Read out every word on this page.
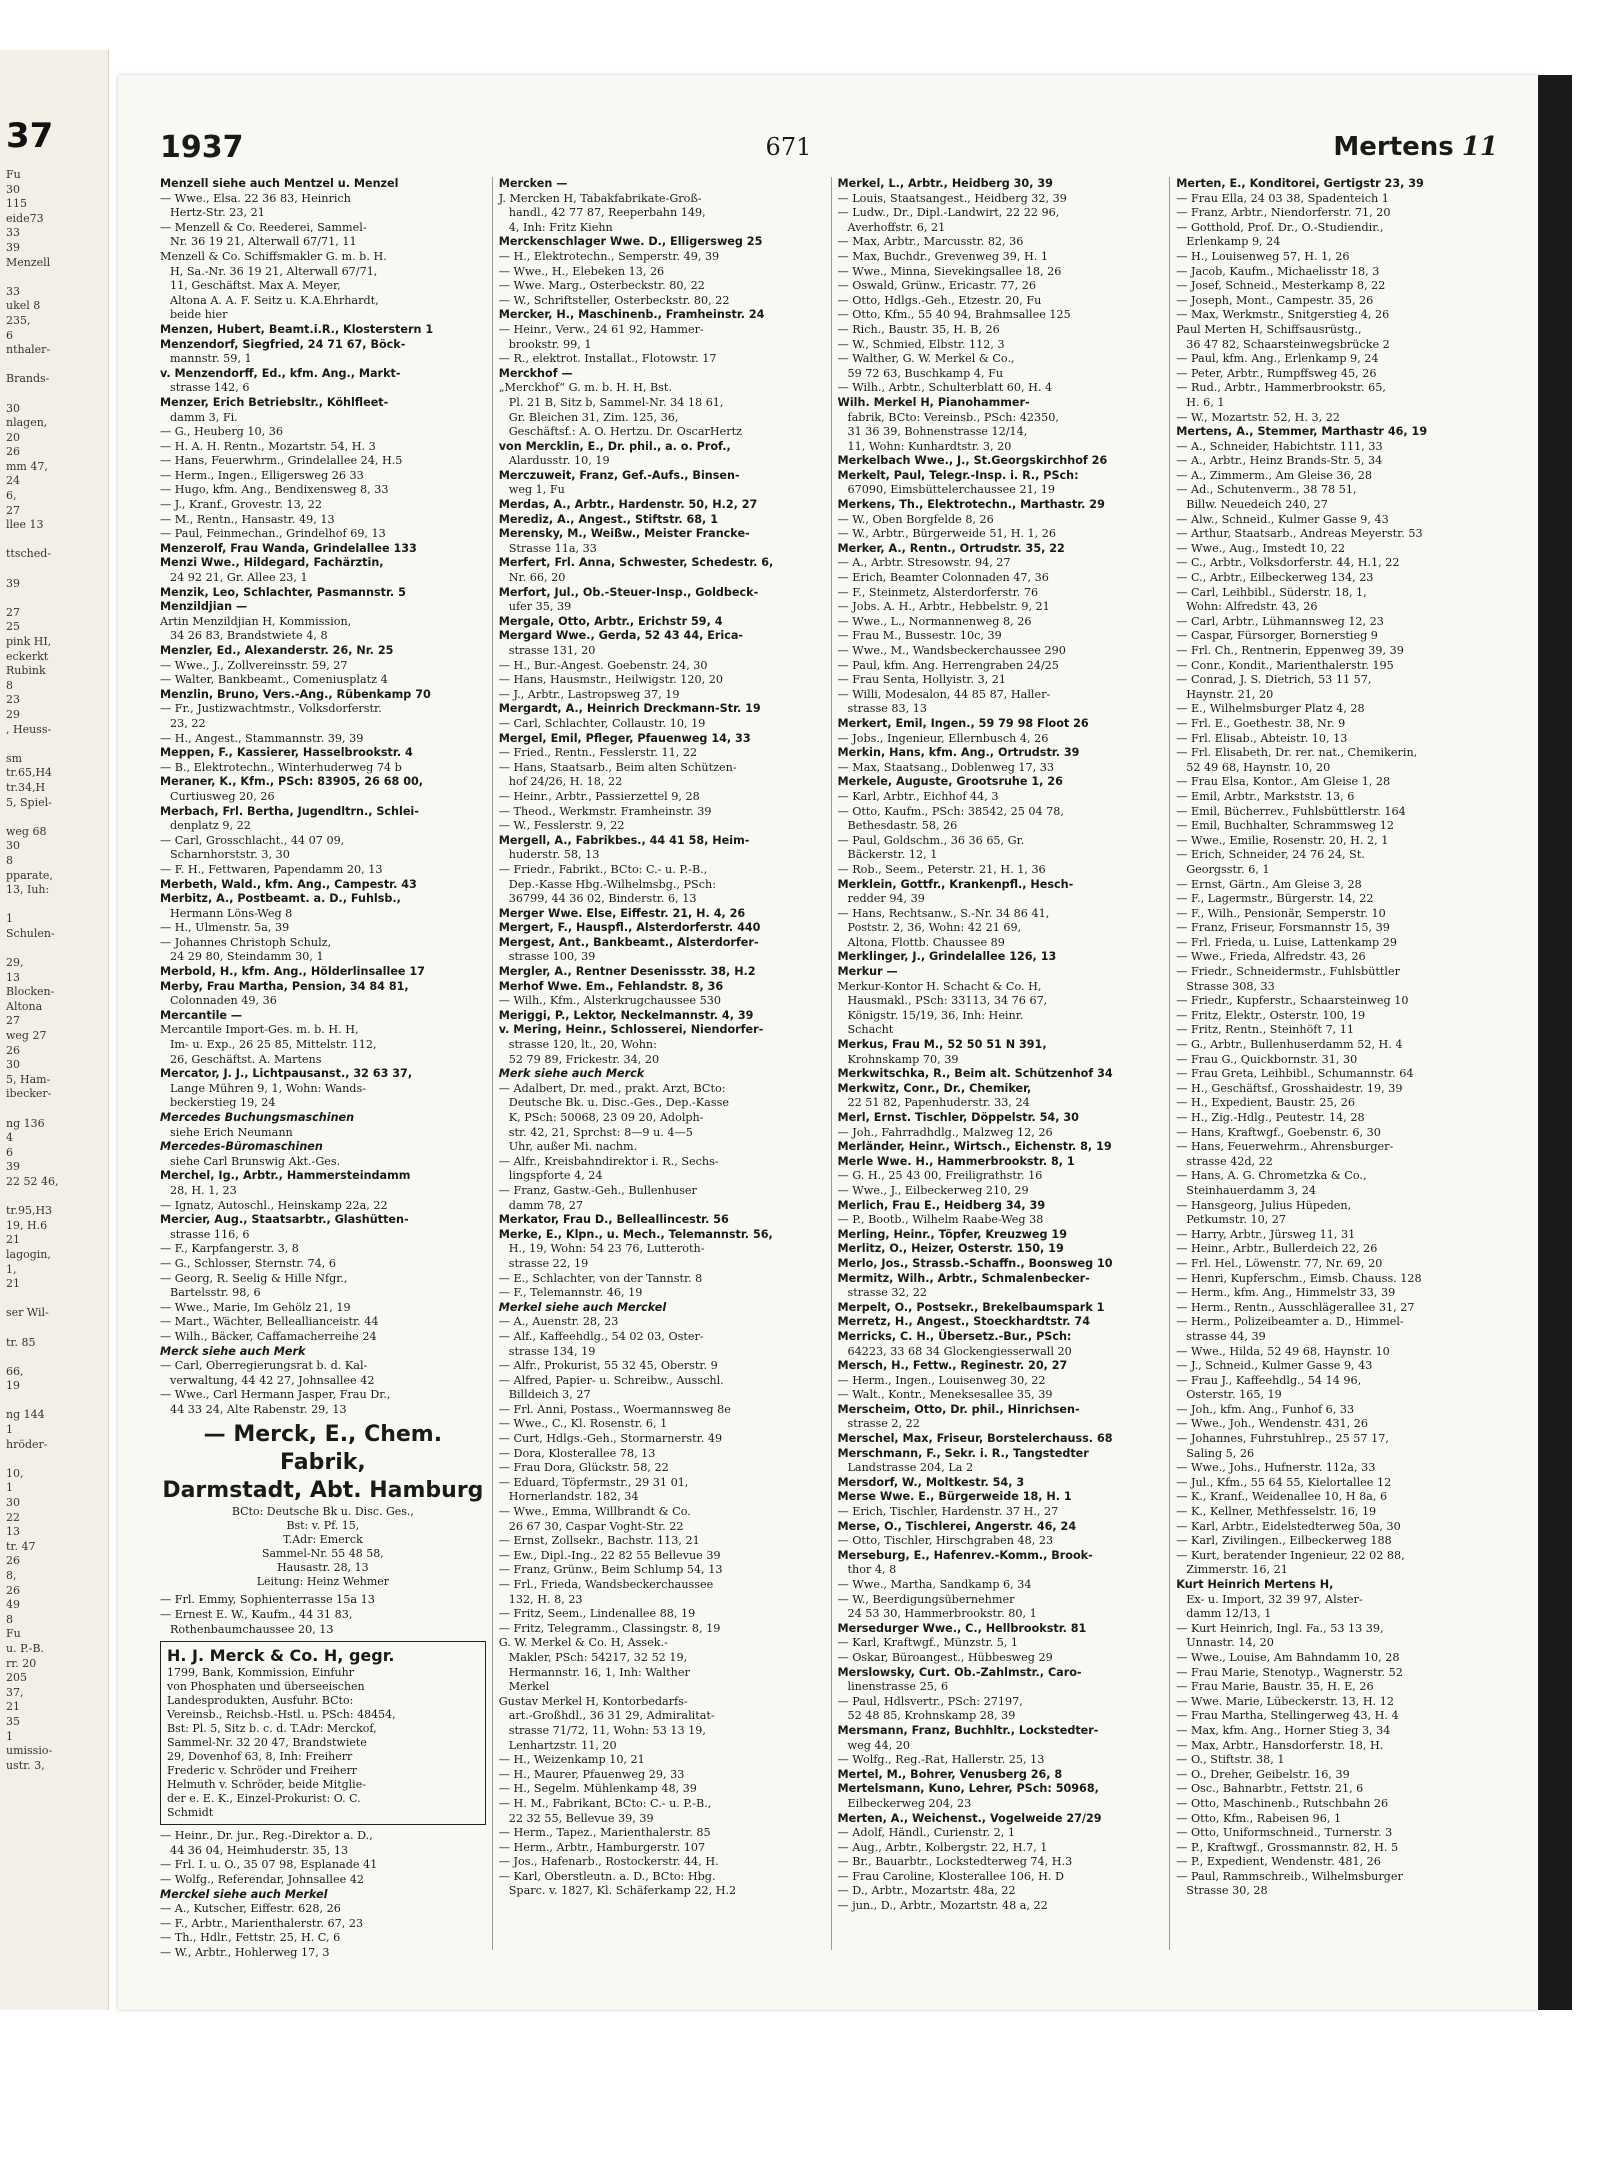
37
Fu
30
115
eide73
33
39
Menzell

33
ukel 8
235,
6
nthaler-

Brands-

30
nlagen,
20
26
mm 47,
24
6,
27
llee 13

ttsched-

39

27
25
pink HI,
eckerkt
Rubink
8
23
29
, Heuss-

sm
tr.65,H4
tr.34,H
5, Spiel-

weg 68
30
8
pparate,
13, Iuh:

1
Schulen-

29,
13
Blocken-
Altona
27
weg 27
26
30
5, Ham-
ibecker-

ng 136
4
6
39
22 52 46,

tr.95,H3
19, H.6
21
lagogin,
1,
21

ser Wil-

tr. 85

66,
19

ng 144
1
hröder-

10,
1
30
22
13
tr. 47
26
8,
26
49
8
Fu
u. P.-B.
rr. 20
205
37,
21
35
1
umissio-
ustr. 3,
1937	671	Mertens 11
Menzell siehe auch Mentzel u. Menzel
— Wwe., Elsa. 22 36 83, Heinrich
Hertz-Str. 23, 21
— Menzell & Co. Reederei, Sammel-
Nr. 36 19 21, Alterwall 67/71, 11
Menzell & Co. Schiffsmakler G. m. b. H.
H, Sa.-Nr. 36 19 21, Alterwall 67/71,
11, Geschäftst. Max A. Meyer,
Altona A. A. F. Seitz u. K.A.Ehrhardt,
beide hier
Menzen, Hubert, Beamt.i.R., Klosterstern 1
Menzendorf, Siegfried, 24 71 67, Böck-
mannstr. 59, 1
v. Menzendorff, Ed., kfm. Ang., Markt-
strasse 142, 6
Menzer, Erich Betriebsltr., Köhlfleet-
damm 3, Fi.
— G., Heuberg 10, 36
— H. A. H. Rentn., Mozartstr. 54, H. 3
— Hans, Feuerwhrm., Grindelallee 24, H.5
— Herm., Ingen., Elligersweg 26 33
— Hugo, kfm. Ang., Bendixensweg 8, 33
— J., Kranf., Grovestr. 13, 22
— M., Rentn., Hansastr. 49, 13
— Paul, Feinmechan., Grindelhof 69, 13
Menzerolf, Frau Wanda, Grindelallee 133
Menzi Wwe., Hildegard, Fachärztin,
24 92 21, Gr. Allee 23, 1
Menzik, Leo, Schlachter, Pasmannstr. 5
Menzildjian —
Artin Menzildjian H, Kommission,
34 26 83, Brandstwiete 4, 8
Menzler, Ed., Alexanderstr. 26, Nr. 25
— Wwe., J., Zollvereinsstr. 59, 27
— Walter, Bankbeamt., Comeniusplatz 4
Menzlin, Bruno, Vers.-Ang., Rübenkamp 70
— Fr., Justizwachtmstr., Volksdorferstr.
23, 22
— H., Angest., Stammannstr. 39, 39
Meppen, F., Kassierer, Hasselbrookstr. 4
— B., Elektrotechn., Winterhuderweg 74 b
Meraner, K., Kfm., PSch: 83905, 26 68 00,
Curtiusweg 20, 26
Merbach, Frl. Bertha, Jugendltrn., Schlei-
denplatz 9, 22
— Carl, Grosschlacht., 44 07 09,
Scharnhorststr. 3, 30
— F. H., Fettwaren, Papendamm 20, 13
Merbeth, Wald., kfm. Ang., Campestr. 43
Merbitz, A., Postbeamt. a. D., Fuhlsb.,
Hermann Löns-Weg 8
— H., Ulmenstr. 5a, 39
— Johannes Christoph Schulz,
24 29 80, Steindamm 30, 1
Merbold, H., kfm. Ang., Hölderlinsallee 17
Merby, Frau Martha, Pension, 34 84 81,
Colonnaden 49, 36
Mercantile —
Mercantile Import-Ges. m. b. H. H,
Im- u. Exp., 26 25 85, Mittelstr. 112,
26, Geschäftst. A. Martens
Mercator, J. J., Lichtpausanst., 32 63 37,
Lange Mühren 9, 1, Wohn: Wands-
beckerstieg 19, 24
Mercedes Buchungsmaschinen
siehe Erich Neumann
Mercedes-Büromaschinen
siehe Carl Brunswig Akt.-Ges.
Merchel, Ig., Arbtr., Hammersteindamm
28, H. 1, 23
— Ignatz, Autoschl., Heinskamp 22a, 22
Mercier, Aug., Staatsarbtr., Glashütten-
strasse 116, 6
— F., Karpfangerstr. 3, 8
— G., Schlosser, Sternstr. 74, 6
— Georg, R. Seelig & Hille Nfgr.,
Bartelsstr. 98, 6
— Wwe., Marie, Im Gehölz 21, 19
— Mart., Wächter, Belleallianceistr. 44
— Wilh., Bäcker, Caffamacherreihe 24
Merck siehe auch Merk
— Carl, Oberregierungsrat b. d. Kal-
verwaltung, 44 42 27, Johnsallee 42
— Wwe., Carl Hermann Jasper, Frau Dr.,
44 33 24, Alte Rabenstr. 29, 13
— Merck, E., Chem. Fabrik,
Darmstadt, Abt. Hamburg
BCto: Deutsche Bk u. Disc. Ges.,
Bst: v. Pf. 15,
T.Adr: Emerck
Sammel-Nr. 55 48 58,
Hausastr. 28, 13
Leitung: Heinz Wehmer
— Frl. Emmy, Sophienterrasse 15a 13
— Ernest E. W., Kaufm., 44 31 83,
Rothenbaumchaussee 20, 13
H. J. Merck & Co. H, gegr.
1799, Bank, Kommission, Einfuhr
von Phosphaten und überseeischen
Landesprodukten, Ausfuhr. BCto:
Vereinsb., Reichsb.-Hstl. u. PSch: 48454,
Bst: Pl. 5, Sitz b. c. d. T.Adr: Merckof,
Sammel-Nr. 32 20 47, Brandstwiete
29, Dovenhof 63, 8, Inh: Freiherr
Frederic v. Schröder und Freiherr
Helmuth v. Schröder, beide Mitglie-
der e. E. K., Einzel-Prokurist: O. C.
Schmidt
— Heinr., Dr. jur., Reg.-Direktor a. D.,
44 36 04, Heimhuderstr. 35, 13
— Frl. I. u. O., 35 07 98, Esplanade 41
— Wolfg., Referendar, Johnsallee 42
Merckel siehe auch Merkel
— A., Kutscher, Eiffestr. 628, 26
— F., Arbtr., Marienthalerstr. 67, 23
— Th., Hdlr., Fettstr. 25, H. C, 6
— W., Arbtr., Hohlerweg 17, 3
Mercken —
J. Mercken H, Tabakfabrikate-Groß-
handl., 42 77 87, Reeperbahn 149,
4, Inh: Fritz Kiehn
Merckenschlager Wwe. D., Elligersweg 25
— H., Elektrotechn., Semperstr. 49, 39
— Wwe., H., Elebeken 13, 26
— Wwe. Marg., Osterbeckstr. 80, 22
— W., Schriftsteller, Osterbeckstr. 80, 22
Mercker, H., Maschinenb., Framheinstr. 24
— Heinr., Verw., 24 61 92, Hammer-
brookstr. 99, 1
— R., elektrot. Installat., Flotowstr. 17
Merckhof —
„Merckhof“ G. m. b. H. H, Bst.
Pl. 21 B, Sitz b, Sammel-Nr. 34 18 61,
Gr. Bleichen 31, Zim. 125, 36,
Geschäftsf.: A. O. Hertzu. Dr. OscarHertz
von Mercklin, E., Dr. phil., a. o. Prof.,
Alardusstr. 10, 19
Merczuweit, Franz, Gef.-Aufs., Binsen-
weg 1, Fu
Merdas, A., Arbtr., Hardenstr. 50, H.2, 27
Merediz, A., Angest., Stiftstr. 68, 1
Merensky, M., Weißw., Meister Francke-
Strasse 11a, 33
Merfert, Frl. Anna, Schwester, Schedestr. 6,
Nr. 66, 20
Merfort, Jul., Ob.-Steuer-Insp., Goldbeck-
ufer 35, 39
Mergale, Otto, Arbtr., Erichstr 59, 4
Mergard Wwe., Gerda, 52 43 44, Erica-
strasse 131, 20
— H., Bur.-Angest. Goebenstr. 24, 30
— Hans, Hausmstr., Heilwigstr. 120, 20
— J., Arbtr., Lastropsweg 37, 19
Mergardt, A., Heinrich Dreckmann-Str. 19
— Carl, Schlachter, Collaustr. 10, 19
Mergel, Emil, Pfleger, Pfauenweg 14, 33
— Fried., Rentn., Fesslerstr. 11, 22
— Hans, Staatsarb., Beim alten Schützen-
hof 24/26, H. 18, 22
— Heinr., Arbtr., Passierzettel 9, 28
— Theod., Werkmstr. Framheinstr. 39
— W., Fesslerstr. 9, 22
Mergell, A., Fabrikbes., 44 41 58, Heim-
huderstr. 58, 13
— Friedr., Fabrikt., BCto: C.- u. P.-B.,
Dep.-Kasse Hbg.-Wilhelmsbg., PSch:
36799, 44 36 02, Binderstr. 6, 13
Merger Wwe. Else, Eiffestr. 21, H. 4, 26
Mergert, F., Hauspfl., Alsterdorferstr. 440
Mergest, Ant., Bankbeamt., Alsterdorfer-
strasse 100, 39
Mergler, A., Rentner Desenissstr. 38, H.2
Merhof Wwe. Em., Fehlandstr. 8, 36
— Wilh., Kfm., Alsterkrugchaussee 530
Meriggi, P., Lektor, Neckelmannstr. 4, 39
v. Mering, Heinr., Schlosserei, Niendorfer-
strasse 120, lt., 20, Wohn:
52 79 89, Frickestr. 34, 20
Merk siehe auch Merck
— Adalbert, Dr. med., prakt. Arzt, BCto:
Deutsche Bk. u. Disc.-Ges., Dep.-Kasse
K, PSch: 50068, 23 09 20, Adolph-
str. 42, 21, Sprchst: 8—9 u. 4—5
Uhr, außer Mi. nachm.
— Alfr., Kreisbahndirektor i. R., Sechs-
lingspforte 4, 24
— Franz, Gastw.-Geh., Bullenhuser
damm 78, 27
Merkator, Frau D., Belleallincestr. 56
Merke, E., Klpn., u. Mech., Telemannstr. 56,
H., 19, Wohn: 54 23 76, Lutteroth-
strasse 22, 19
— E., Schlachter, von der Tannstr. 8
— F., Telemannstr. 46, 19
Merkel siehe auch Merckel
— A., Auenstr. 28, 23
— Alf., Kaffeehdlg., 54 02 03, Oster-
strasse 134, 19
— Alfr., Prokurist, 55 32 45, Oberstr. 9
— Alfred, Papier- u. Schreibw., Ausschl.
Billdeich 3, 27
— Frl. Anni, Postass., Woermannsweg 8e
— Wwe., C., Kl. Rosenstr. 6, 1
— Curt, Hdlgs.-Geh., Stormarnerstr. 49
— Dora, Klosterallee 78, 13
— Frau Dora, Glückstr. 58, 22
— Eduard, Töpfermstr., 29 31 01,
Hornerlandstr. 182, 34
— Wwe., Emma, Willbrandt & Co.
26 67 30, Caspar Voght-Str. 22
— Ernst, Zollsekr., Bachstr. 113, 21
— Ew., Dipl.-Ing., 22 82 55 Bellevue 39
— Franz, Grünw., Beim Schlump 54, 13
— Frl., Frieda, Wandsbeckerchaussee
132, H. 8, 23
— Fritz, Seem., Lindenallee 88, 19
— Fritz, Telegramm., Classingstr. 8, 19
G. W. Merkel & Co. H, Assek.-
Makler, PSch: 54217, 32 52 19,
Hermannstr. 16, 1, Inh: Walther
Merkel
Gustav Merkel H, Kontorbedarfs-
art.-Großhdl., 36 31 29, Admiralitat-
strasse 71/72, 11, Wohn: 53 13 19,
Lenhartzstr. 11, 20
— H., Weizenkamp 10, 21
— H., Maurer, Pfauenweg 29, 33
— H., Segelm. Mühlenkamp 48, 39
— H. M., Fabrikant, BCto: C.- u. P.-B.,
22 32 55, Bellevue 39, 39
— Herm., Tapez., Marienthalerstr. 85
— Herm., Arbtr., Hamburgerstr. 107
— Jos., Hafenarb., Rostockerstr. 44, H.
— Karl, Oberstleutn. a. D., BCto: Hbg.
Sparc. v. 1827, Kl. Schäferkamp 22, H.2
Merkel, L., Arbtr., Heidberg 30, 39
— Louis, Staatsangest., Heidberg 32, 39
— Ludw., Dr., Dipl.-Landwirt, 22 22 96,
Averhoffstr. 6, 21
— Max, Arbtr., Marcusstr. 82, 36
— Max, Buchdr., Grevenweg 39, H. 1
— Wwe., Minna, Sievekingsallee 18, 26
— Oswald, Grünw., Ericastr. 77, 26
— Otto, Hdlgs.-Geh., Etzestr. 20, Fu
— Otto, Kfm., 55 40 94, Brahmsallee 125
— Rich., Baustr. 35, H. B, 26
— W., Schmied, Elbstr. 112, 3
— Walther, G. W. Merkel & Co.,
59 72 63, Buschkamp 4, Fu
— Wilh., Arbtr., Schulterblatt 60, H. 4
Wilh. Merkel H, Pianohammer-
fabrik, BCto: Vereinsb., PSch: 42350,
31 36 39, Bohnenstrasse 12/14,
11, Wohn: Kunhardtstr. 3, 20
Merkelbach Wwe., J., St.Georgskirchhof 26
Merkelt, Paul, Telegr.-Insp. i. R., PSch:
67090, Eimsbüttelerchaussee 21, 19
Merkens, Th., Elektrotechn., Marthastr. 29
— W., Oben Borgfelde 8, 26
— W., Arbtr., Bürgerweide 51, H. 1, 26
Merker, A., Rentn., Ortrudstr. 35, 22
— A., Arbtr. Stresowstr. 94, 27
— Erich, Beamter Colonnaden 47, 36
— F., Steinmetz, Alsterdorferstr. 76
— Jobs. A. H., Arbtr., Hebbelstr. 9, 21
— Wwe., L., Normannenweg 8, 26
— Frau M., Bussestr. 10c, 39
— Wwe., M., Wandsbeckerchaussee 290
— Paul, kfm. Ang. Herrengraben 24/25
— Frau Senta, Hollyistr. 3, 21
— Willi, Modesalon, 44 85 87, Haller-
strasse 83, 13
Merkert, Emil, Ingen., 59 79 98 Floot 26
— Jobs., Ingenieur, Ellernbusch 4, 26
Merkin, Hans, kfm. Ang., Ortrudstr. 39
— Max, Staatsang., Doblenweg 17, 33
Merkele, Auguste, Grootsruhe 1, 26
— Karl, Arbtr., Eichhof 44, 3
— Otto, Kaufm., PSch: 38542, 25 04 78,
Bethesdastr. 58, 26
— Paul, Goldschm., 36 36 65, Gr.
Bäckerstr. 12, 1
— Rob., Seem., Peterstr. 21, H. 1, 36
Merklein, Gottfr., Krankenpfl., Hesch-
redder 94, 39
— Hans, Rechtsanw., S.-Nr. 34 86 41,
Poststr. 2, 36, Wohn: 42 21 69,
Altona, Flottb. Chaussee 89
Merklinger, J., Grindelallee 126, 13
Merkur —
Merkur-Kontor H. Schacht & Co. H,
Hausmakl., PSch: 33113, 34 76 67,
Königstr. 15/19, 36, Inh: Heinr.
Schacht
Merkus, Frau M., 52 50 51 N 391,
Krohnskamp 70, 39
Merkwitschka, R., Beim alt. Schützenhof 34
Merkwitz, Conr., Dr., Chemiker,
22 51 82, Papenhuderstr. 33, 24
Merl, Ernst. Tischler, Döppelstr. 54, 30
— Joh., Fahrradhdlg., Malzweg 12, 26
Merländer, Heinr., Wirtsch., Eichenstr. 8, 19
Merle Wwe. H., Hammerbrookstr. 8, 1
— G. H., 25 43 00, Freiligrathstr. 16
— Wwe., J., Eilbeckerweg 210, 29
Merlich, Frau E., Heidberg 34, 39
— P., Bootb., Wilhelm Raabe-Weg 38
Merling, Heinr., Töpfer, Kreuzweg 19
Merlitz, O., Heizer, Osterstr. 150, 19
Merlo, Jos., Strassb.-Schaffn., Boonsweg 10
Mermitz, Wilh., Arbtr., Schmalenbecker-
strasse 32, 22
Merpelt, O., Postsekr., Brekelbaumspark 1
Merretz, H., Angest., Stoeckhardtstr. 74
Merricks, C. H., Übersetz.-Bur., PSch:
64223, 33 68 34 Glockengiesserwall 20
Mersch, H., Fettw., Reginestr. 20, 27
— Herm., Ingen., Louisenweg 30, 22
— Walt., Kontr., Meneksesallee 35, 39
Merscheim, Otto, Dr. phil., Hinrichsen-
strasse 2, 22
Merschel, Max, Friseur, Borstelerchauss. 68
Merschmann, F., Sekr. i. R., Tangstedter
Landstrasse 204, La 2
Mersdorf, W., Moltkestr. 54, 3
Merse Wwe. E., Bürgerweide 18, H. 1
— Erich, Tischler, Hardenstr. 37 H., 27
Merse, O., Tischlerei, Angerstr. 46, 24
— Otto, Tischler, Hirschgraben 48, 23
Merseburg, E., Hafenrev.-Komm., Brook-
thor 4, 8
— Wwe., Martha, Sandkamp 6, 34
— W., Beerdigungsübernehmer
24 53 30, Hammerbrookstr. 80, 1
Mersedurger Wwe., C., Hellbrookstr. 81
— Karl, Kraftwgf., Münzstr. 5, 1
— Oskar, Büroangest., Hübbesweg 29
Merslowsky, Curt. Ob.-Zahlmstr., Caro-
linenstrasse 25, 6
— Paul, Hdlsvertr., PSch: 27197,
52 48 85, Krohnskamp 28, 39
Mersmann, Franz, Buchhltr., Lockstedter-
weg 44, 20
— Wolfg., Reg.-Rat, Hallerstr. 25, 13
Mertel, M., Bohrer, Venusberg 26, 8
Mertelsmann, Kuno, Lehrer, PSch: 50968,
Eilbeckerweg 204, 23
Merten, A., Weichenst., Vogelweide 27/29
— Adolf, Händl., Curienstr. 2, 1
— Aug., Arbtr., Kolbergstr. 22, H.7, 1
— Br., Bauarbtr., Lockstedterweg 74, H.3
— Frau Caroline, Klosterallee 106, H. D
— D., Arbtr., Mozartstr. 48a, 22
— jun., D., Arbtr., Mozartstr. 48 a, 22
Merten, E., Konditorei, Gertigstr 23, 39
— Frau Ella, 24 03 38, Spadenteich 1
— Franz, Arbtr., Niendorferstr. 71, 20
— Gotthold, Prof. Dr., O.-Studiendir.,
Erlenkamp 9, 24
— H., Louisenweg 57, H. 1, 26
— Jacob, Kaufm., Michaelisstr 18, 3
— Josef, Schneid., Mesterkamp 8, 22
— Joseph, Mont., Campestr. 35, 26
— Max, Werkmstr., Snitgerstieg 4, 26
Paul Merten H, Schiffsausrüstg.,
36 47 82, Schaarsteinwegsbrücke 2
— Paul, kfm. Ang., Erlenkamp 9, 24
— Peter, Arbtr., Rumpffsweg 45, 26
— Rud., Arbtr., Hammerbrookstr. 65,
H. 6, 1
— W., Mozartstr. 52, H. 3, 22
Mertens, A., Stemmer, Marthastr 46, 19
— A., Schneider, Habichtstr. 111, 33
— A., Arbtr., Heinz Brands-Str. 5, 34
— A., Zimmerm., Am Gleise 36, 28
— Ad., Schutenverm., 38 78 51,
Billw. Neuedeich 240, 27
— Alw., Schneid., Kulmer Gasse 9, 43
— Arthur, Staatsarb., Andreas Meyerstr. 53
— Wwe., Aug., Imstedt 10, 22
— C., Arbtr., Volksdorferstr. 44, H.1, 22
— C., Arbtr., Eilbeckerweg 134, 23
— Carl, Leihbibl., Süderstr. 18, 1,
Wohn: Alfredstr. 43, 26
— Carl, Arbtr., Lühmannsweg 12, 23
— Caspar, Fürsorger, Bornerstieg 9
— Frl. Ch., Rentnerin, Eppenweg 39, 39
— Conr., Kondit., Marienthalerstr. 195
— Conrad, J. S. Dietrich, 53 11 57,
Haynstr. 21, 20
— E., Wilhelmsburger Platz 4, 28
— Frl. E., Goethestr. 38, Nr. 9
— Frl. Elisab., Abteistr. 10, 13
— Frl. Elisabeth, Dr. rer. nat., Chemikerin,
52 49 68, Haynstr. 10, 20
— Frau Elsa, Kontor., Am Gleise 1, 28
— Emil, Arbtr., Markststr. 13, 6
— Emil, Bücherrev., Fuhlsbüttlerstr. 164
— Emil, Buchhalter, Schrammsweg 12
— Wwe., Emilie, Rosenstr. 20, H. 2, 1
— Erich, Schneider, 24 76 24, St.
Georgsstr. 6, 1
— Ernst, Gärtn., Am Gleise 3, 28
— F., Lagermstr., Bürgerstr. 14, 22
— F., Wilh., Pensionär, Semperstr. 10
— Franz, Friseur, Forsmannstr 15, 39
— Frl. Frieda, u. Luise, Lattenkamp 29
— Wwe., Frieda, Alfredstr. 43, 26
— Friedr., Schneidermstr., Fuhlsbüttler
Strasse 308, 33
— Friedr., Kupferstr., Schaarsteinweg 10
— Fritz, Elektr., Osterstr. 100, 19
— Fritz, Rentn., Steinhöft 7, 11
— G., Arbtr., Bullenhuserdamm 52, H. 4
— Frau G., Quickbornstr. 31, 30
— Frau Greta, Leihbibl., Schumannstr. 64
— H., Geschäftsf., Grosshaidestr. 19, 39
— H., Expedient, Baustr. 25, 26
— H., Zig.-Hdlg., Peutestr. 14, 28
— Hans, Kraftwgf., Goebenstr. 6, 30
— Hans, Feuerwehrm., Ahrensburger-
strasse 42d, 22
— Hans, A. G. Chrometzka & Co.,
Steinhauerdamm 3, 24
— Hansgeorg, Julius Hüpeden,
Petkumstr. 10, 27
— Harry, Arbtr., Jürsweg 11, 31
— Heinr., Arbtr., Bullerdeich 22, 26
— Frl. Hel., Löwenstr. 77, Nr. 69, 20
— Henri, Kupferschm., Eimsb. Chauss. 128
— Herm., kfm. Ang., Himmelstr 33, 39
— Herm., Rentn., Ausschlägerallee 31, 27
— Herm., Polizeibeamter a. D., Himmel-
strasse 44, 39
— Wwe., Hilda, 52 49 68, Haynstr. 10
— J., Schneid., Kulmer Gasse 9, 43
— Frau J., Kaffeehdlg., 54 14 96,
Osterstr. 165, 19
— Joh., kfm. Ang., Funhof 6, 33
— Wwe., Joh., Wendenstr. 431, 26
— Johannes, Fuhrstuhlrep., 25 57 17,
Saling 5, 26
— Wwe., Johs., Hufnerstr. 112a, 33
— Jul., Kfm., 55 64 55, Kielortallee 12
— K., Kranf., Weidenallee 10, H 8a, 6
— K., Kellner, Methfesselstr. 16, 19
— Karl, Arbtr., Eidelstedterweg 50a, 30
— Karl, Zivilingen., Eilbeckerweg 188
— Kurt, beratender Ingenieur, 22 02 88,
Zimmerstr. 16, 21
Kurt Heinrich Mertens H,
Ex- u. Import, 32 39 97, Alster-
damm 12/13, 1
— Kurt Heinrich, Ingl. Fa., 53 13 39,
Unnastr. 14, 20
— Wwe., Louise, Am Bahndamm 10, 28
— Frau Marie, Stenotyp., Wagnerstr. 52
— Frau Marie, Baustr. 35, H. E, 26
— Wwe. Marie, Lübeckerstr. 13, H. 12
— Frau Martha, Stellingerweg 43, H. 4
— Max, kfm. Ang., Horner Stieg 3, 34
— Max, Arbtr., Hansdorferstr. 18, H.
— O., Stiftstr. 38, 1
— O., Dreher, Geibelstr. 16, 39
— Osc., Bahnarbtr., Fettstr. 21, 6
— Otto, Maschinenb., Rutschbahn 26
— Otto, Kfm., Rabeisen 96, 1
— Otto, Uniformschneid., Turnerstr. 3
— P., Kraftwgf., Grossmannstr. 82, H. 5
— P., Expedient, Wendenstr. 481, 26
— Paul, Rammschreib., Wilhelmsburger
Strasse 30, 28
